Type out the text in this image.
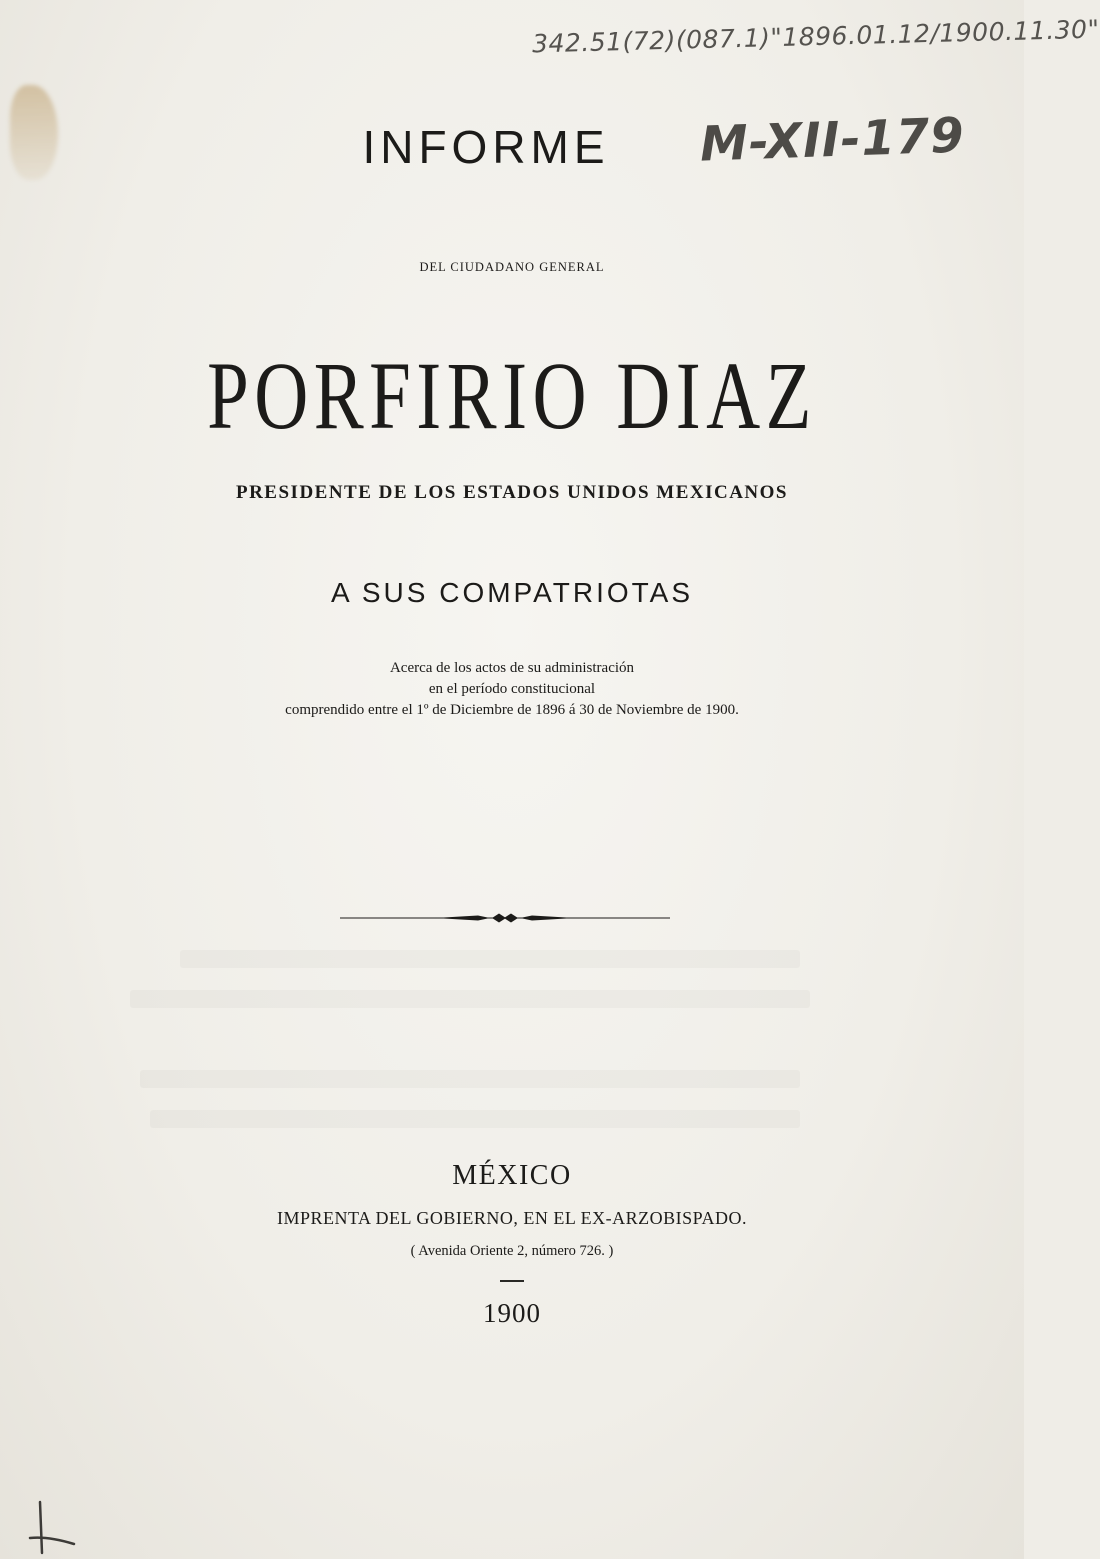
342.51(72)(087.1)"1896.01.12/1900.11.30"
M-XII-179
INFORME
DEL CIUDADANO GENERAL
PORFIRIO DIAZ
PRESIDENTE DE LOS ESTADOS UNIDOS MEXICANOS
A SUS COMPATRIOTAS
Acerca de los actos de su administración
en el período constitucional
comprendido entre el 1º de Diciembre de 1896 á 30 de Noviembre de 1900.
MÉXICO
IMPRENTA DEL GOBIERNO, EN EL EX-ARZOBISPADO.
( Avenida Oriente 2, número 726. )
1900
